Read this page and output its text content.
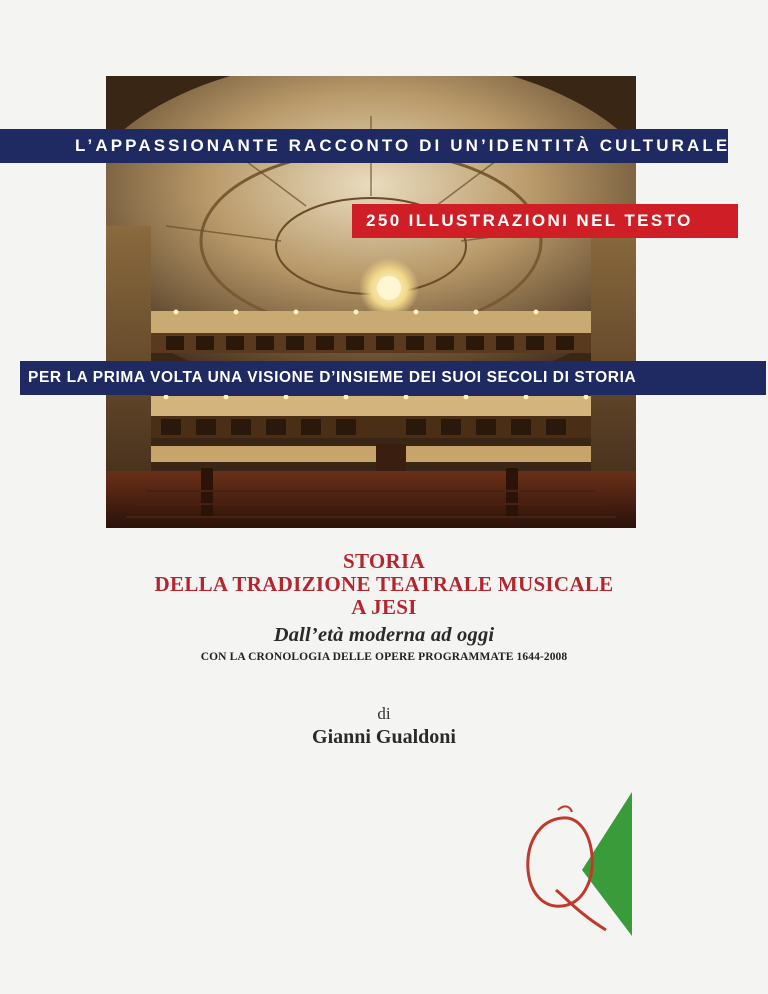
L’APPASSIONANTE RACCONTO DI UN’IDENTITÀ CULTURALE
250 ILLUSTRAZIONI NEL TESTO
PER LA PRIMA VOLTA UNA VISIONE D’INSIEME DEI SUOI SECOLI DI STORIA
STORIA
DELLA TRADIZIONE TEATRALE MUSICALE
A JESI
Dall’età moderna ad oggi
CON LA CRONOLOGIA DELLE OPERE PROGRAMMATE 1644-2008
di
Gianni Gualdoni
